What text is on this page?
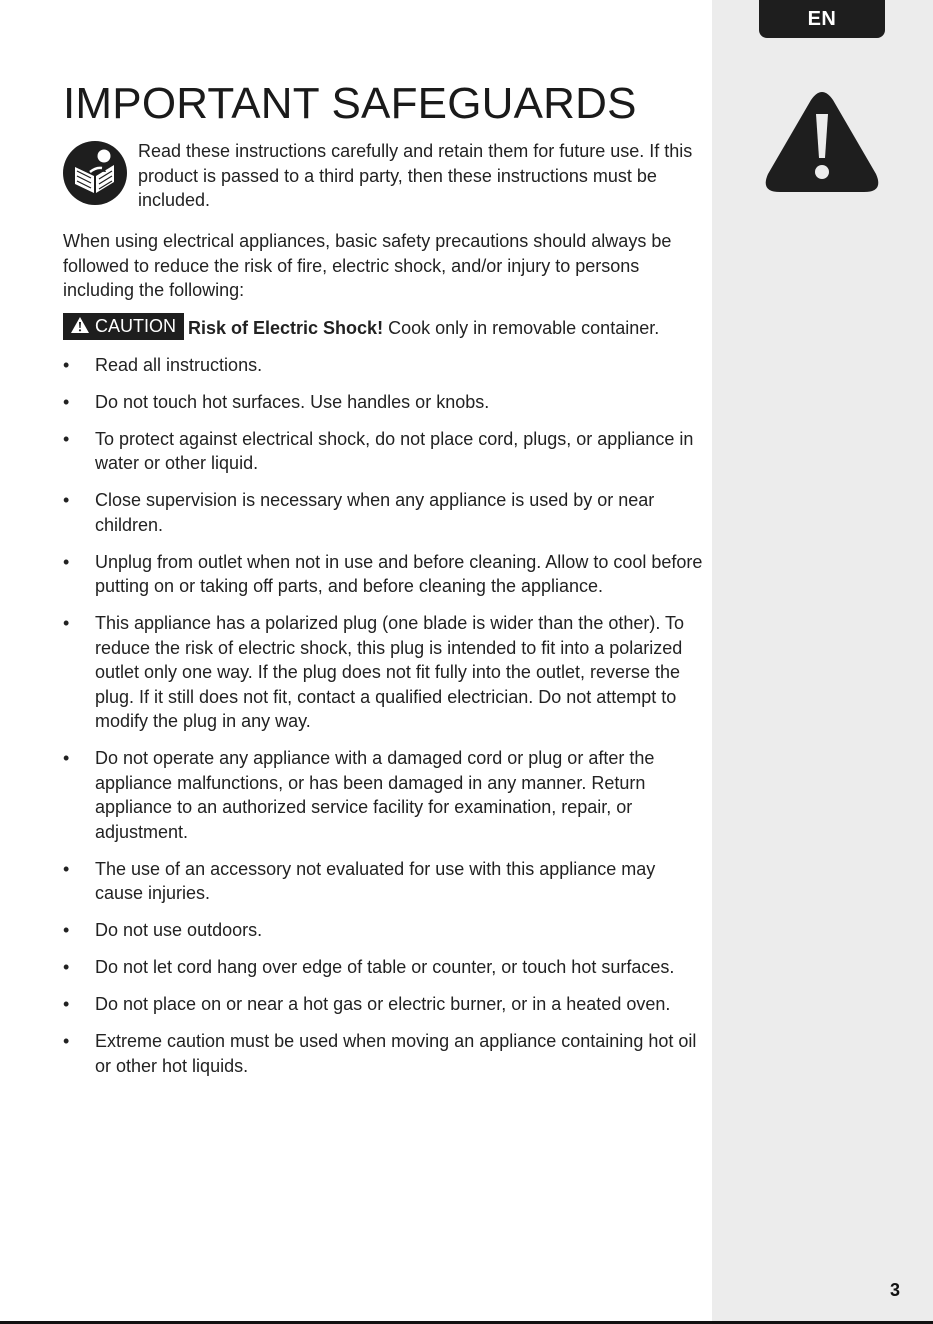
EN
IMPORTANT SAFEGUARDS
Read these instructions carefully and retain them for future use. If this product is passed to a third party, then these instructions must be included.
When using electrical appliances, basic safety precautions should always be followed to reduce the risk of fire, electric shock, and/or injury to persons including the following:
CAUTION Risk of Electric Shock! Cook only in removable container.
• Read all instructions.
• Do not touch hot surfaces. Use handles or knobs.
• To protect against electrical shock, do not place cord, plugs, or appliance in water or other liquid.
• Close supervision is necessary when any appliance is used by or near children.
• Unplug from outlet when not in use and before cleaning. Allow to cool before putting on or taking off parts, and before cleaning the appliance.
• This appliance has a polarized plug (one blade is wider than the other). To reduce the risk of electric shock, this plug is intended to fit into a polarized outlet only one way. If the plug does not fit fully into the outlet, reverse the plug. If it still does not fit, contact a qualified electrician. Do not attempt to modify the plug in any way.
• Do not operate any appliance with a damaged cord or plug or after the appliance malfunctions, or has been damaged in any manner. Return appliance to an authorized service facility for examination, repair, or adjustment.
• The use of an accessory not evaluated for use with this appliance may cause injuries.
• Do not use outdoors.
• Do not let cord hang over edge of table or counter, or touch hot surfaces.
• Do not place on or near a hot gas or electric burner, or in a heated oven.
• Extreme caution must be used when moving an appliance containing hot oil or other hot liquids.
3
